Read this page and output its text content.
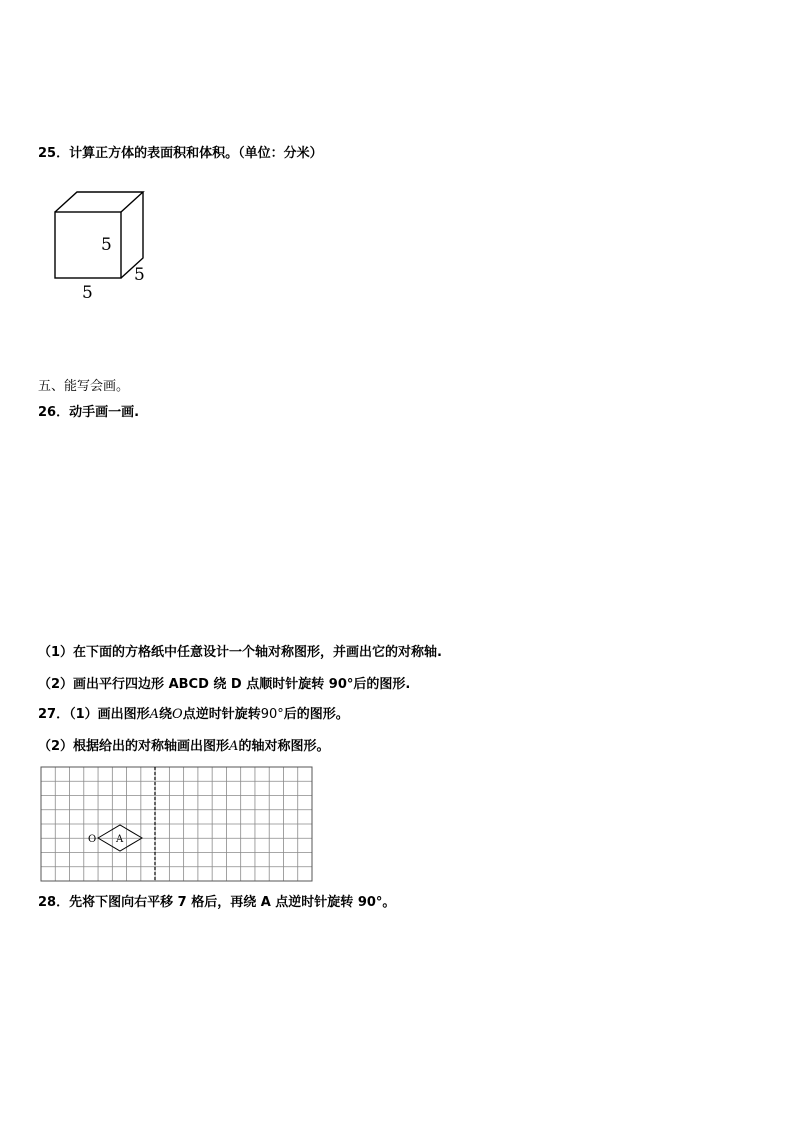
25．计算正方体的表面积和体积。（单位：分米）
5
5
5
五、能写会画。
26．动手画一画.
（1）在下面的方格纸中任意设计一个轴对称图形，并画出它的对称轴.
（2）画出平行四边形 ABCD 绕 D 点顺时针旋转 90°后的图形.
27．（1）画出图形A绕O点逆时针旋转90°后的图形。
（2）根据给出的对称轴画出图形A的轴对称图形。
O A
28．先将下图向右平移 7 格后，再绕 A 点逆时针旋转 90°。
